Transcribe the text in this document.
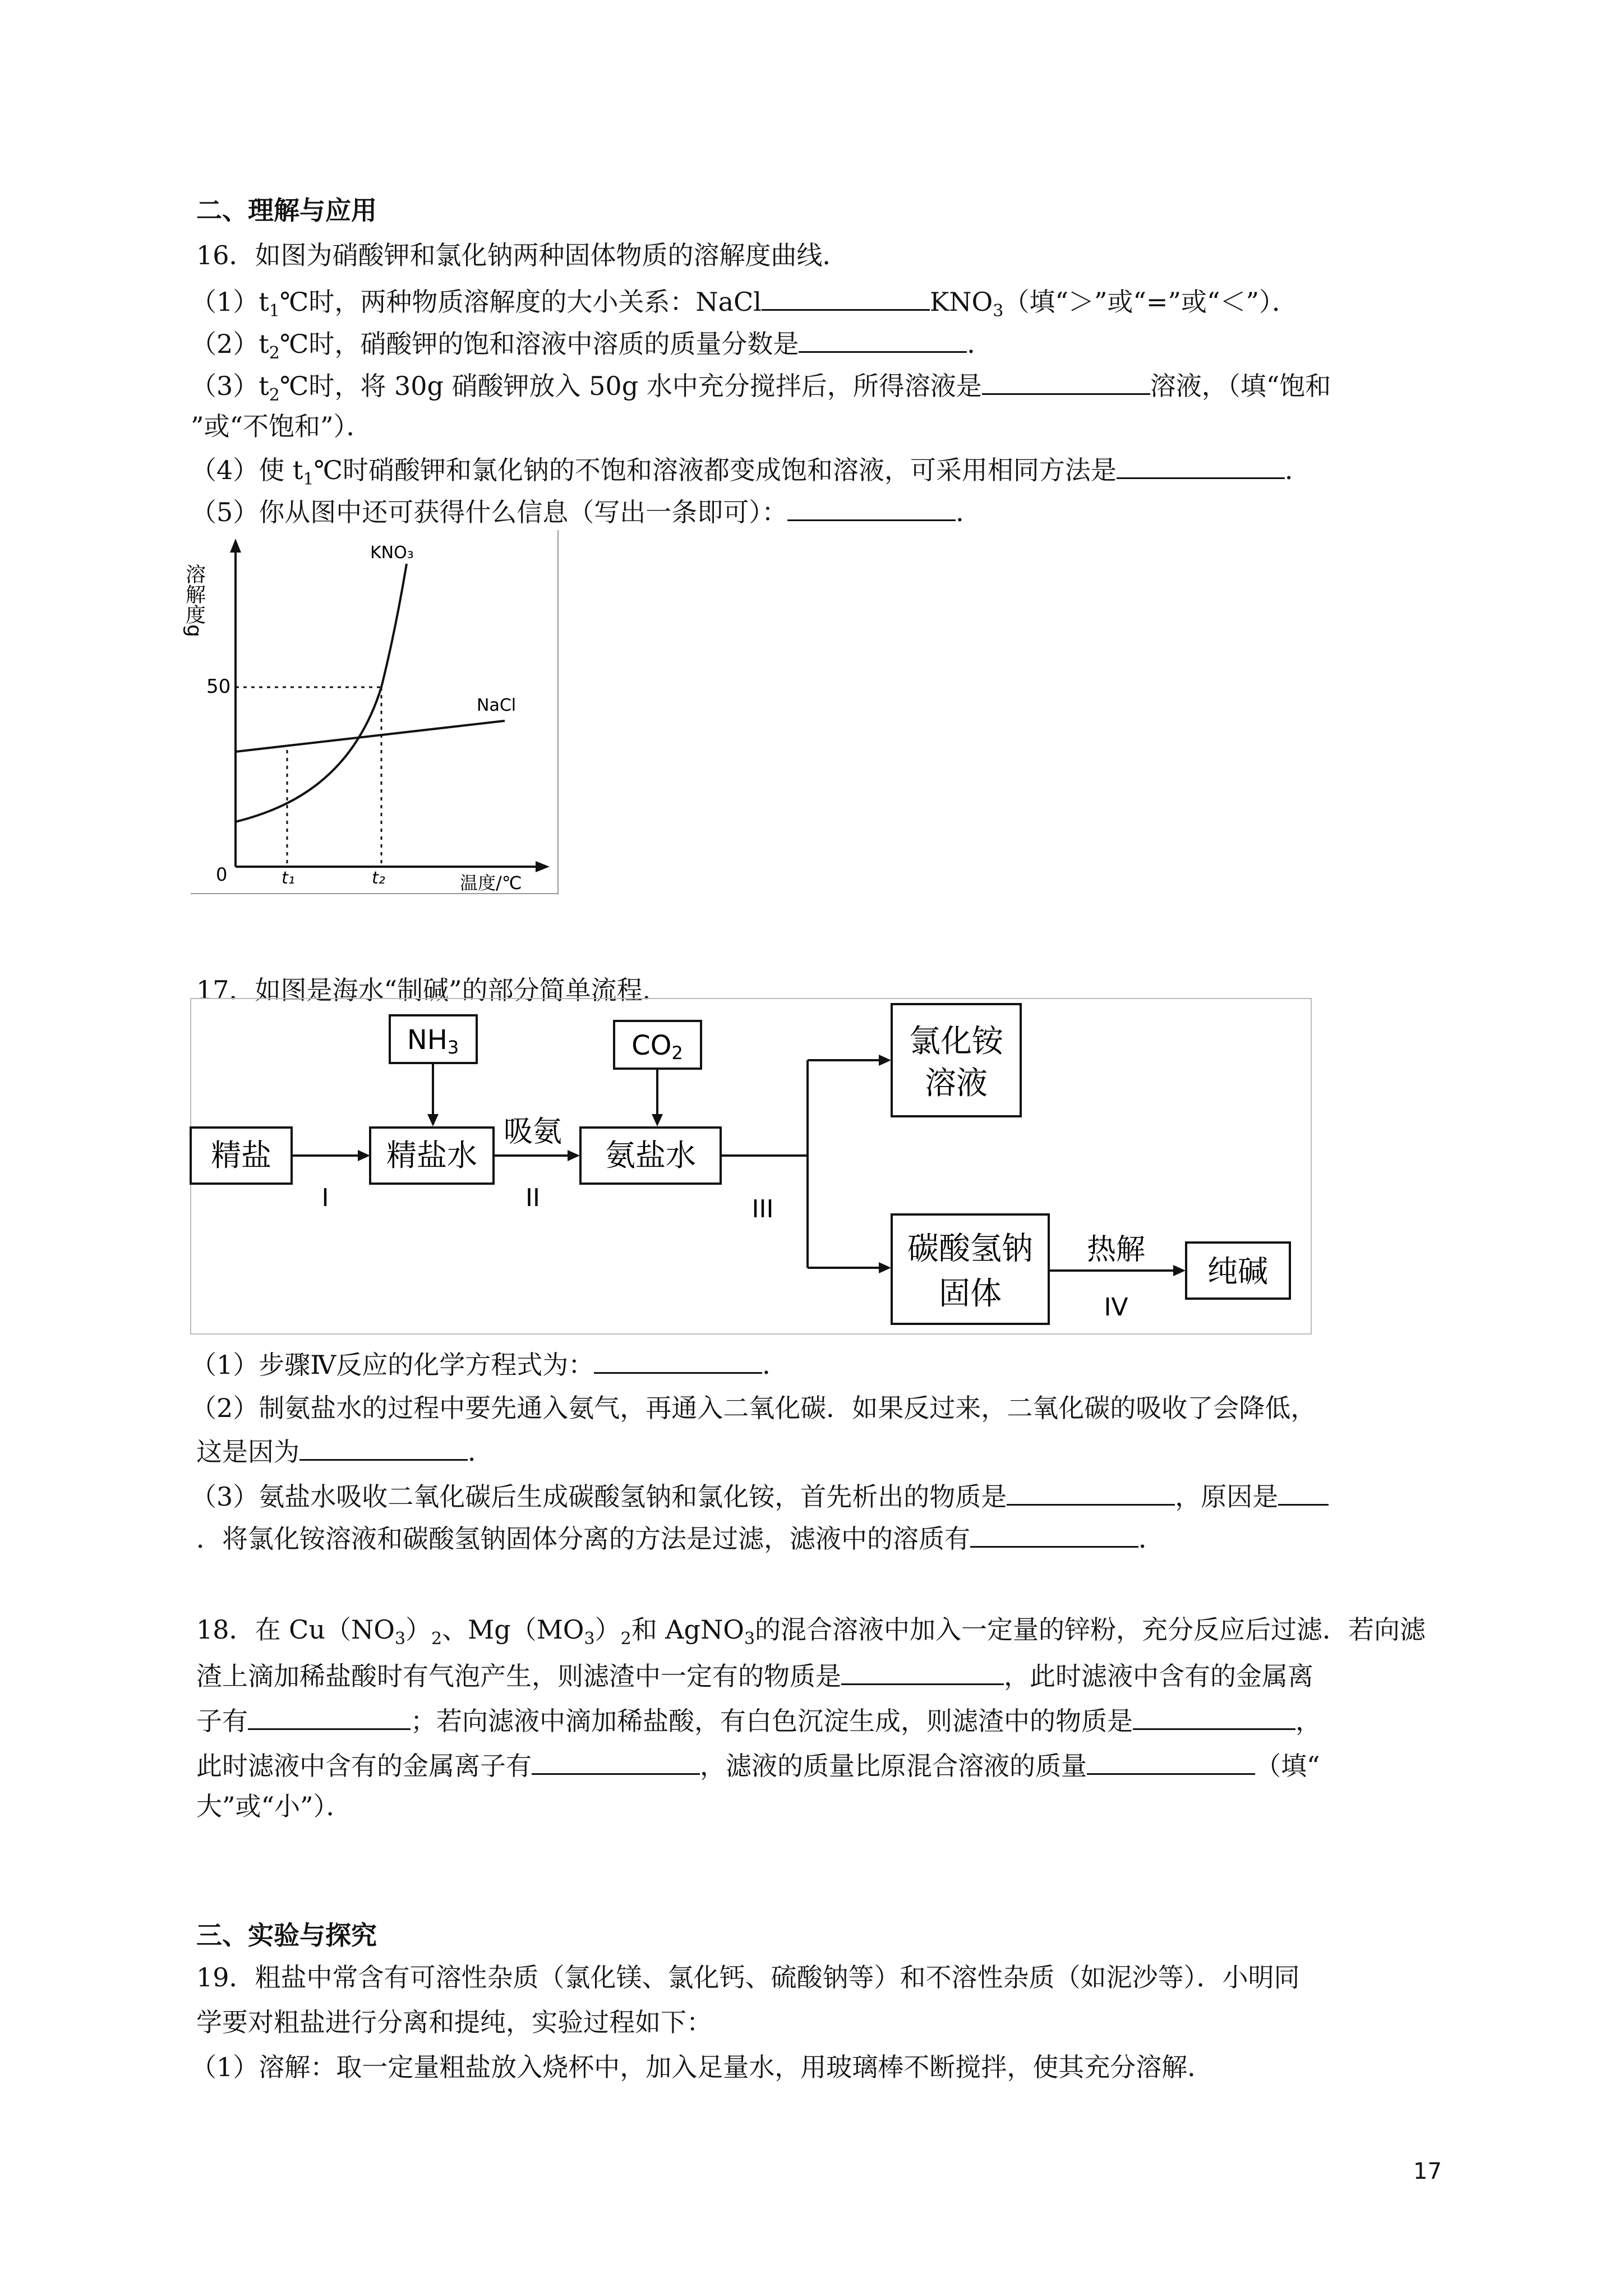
二、理解与应用
16．如图为硝酸钾和氯化钠两种固体物质的溶解度曲线．
$(1)t_1℃$时，两种物质溶解度的大小关系：NaCl	$KNO_3$（填“＞”或“=”或“＜”）．
$(2)t_2℃$时，硝酸钾的饱和溶液中溶质的质量分数是	．
$(3)t_2℃$时，将 30g 硝酸钾放入 50g 水中充分搅拌后，所得溶液是	溶液，（填“饱和
”或“不饱和”）．
（4）使 $t_1℃$时硝酸钾和氯化钠的不饱和溶液都变成饱和溶液，可采用相同方法是	．
（5）你从图中还可获得什么信息（写出一条即可）：	．
溶解度g
温度/℃
0
50
t₁	t₂
KNO₃
NaCl
17．如图是海水“制碱”的部分简单流程．
精盐	精盐水
NH3
氨盐水
CO2	氯化铵
溶液
碳酸氢钠
固体
纯碱
I
吸氨
II	III
热解
IV
（1）步骤Ⅳ反应的化学方程式为：	．
（2）制氨盐水的过程中要先通入氨气，再通入二氧化碳．如果反过来，二氧化碳的吸收了会降低，
这是因为	．
（3）氨盐水吸收二氧化碳后生成碳酸氢钠和氯化铵，首先析出的物质是	，原因是
．将氯化铵溶液和碳酸氢钠固体分离的方法是过滤，滤液中的溶质有	．
18．在 $Cu(NO_3)_2$、$Mg(MO_3)_2$和 AgNO$_3$的混合溶液中加入一定量的锌粉，充分反应后过滤．若向滤
渣上滴加稀盐酸时有气泡产生，则滤渣中一定有的物质是	，此时滤液中含有的金属离
子有	；若向滤液中滴加稀盐酸，有白色沉淀生成，则滤渣中的物质是	，
此时滤液中含有的金属离子有	，滤液的质量比原混合溶液的质量	（填“
大”或“小”）．
三、实验与探究
19．粗盐中常含有可溶性杂质（氯化镁、氯化钙、硫酸钠等）和不溶性杂质（如泥沙等）．小明同
学要对粗盐进行分离和提纯，实验过程如下：
（1）溶解：取一定量粗盐放入烧杯中，加入足量水，用玻璃棒不断搅拌，使其充分溶解．
17
